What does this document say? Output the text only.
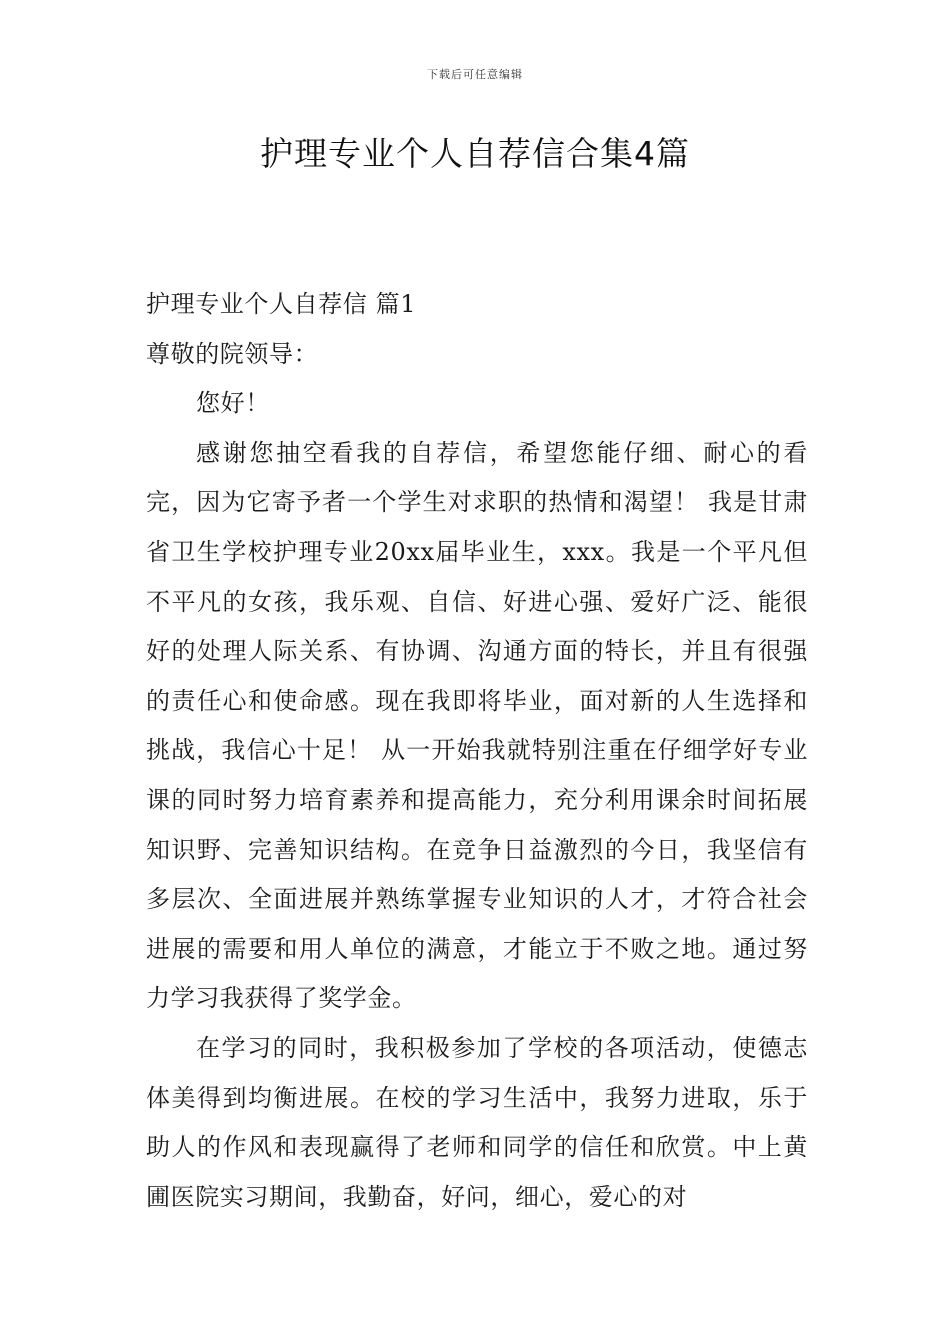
下载后可任意编辑
护理专业个人自荐信合集4篇

护理专业个人自荐信 篇1

尊敬的院领导：

您好！

感谢您抽空看我的自荐信，希望您能仔细、耐心的看完，因为它寄予者一个学生对求职的热情和渴望！ 我是甘肃省卫生学校护理专业20xx届毕业生，xxx。我是一个平凡但不平凡的女孩，我乐观、自信、好进心强、爱好广泛、能很好的处理人际关系、有协调、沟通方面的特长，并且有很强的责任心和使命感。现在我即将毕业，面对新的人生选择和挑战，我信心十足！ 从一开始我就特别注重在仔细学好专业课的同时努力培育素养和提高能力，充分利用课余时间拓展知识野、完善知识结构。在竞争日益激烈的今日，我坚信有多层次、全面进展并熟练掌握专业知识的人才，才符合社会进展的需要和用人单位的满意，才能立于不败之地。通过努力学习我获得了奖学金。

在学习的同时，我积极参加了学校的各项活动，使德志体美得到均衡进展。在校的学习生活中，我努力进取，乐于助人的作风和表现赢得了老师和同学的信任和欣赏。中上黄圃医院实习期间，我勤奋，好问，细心，爱心的对
